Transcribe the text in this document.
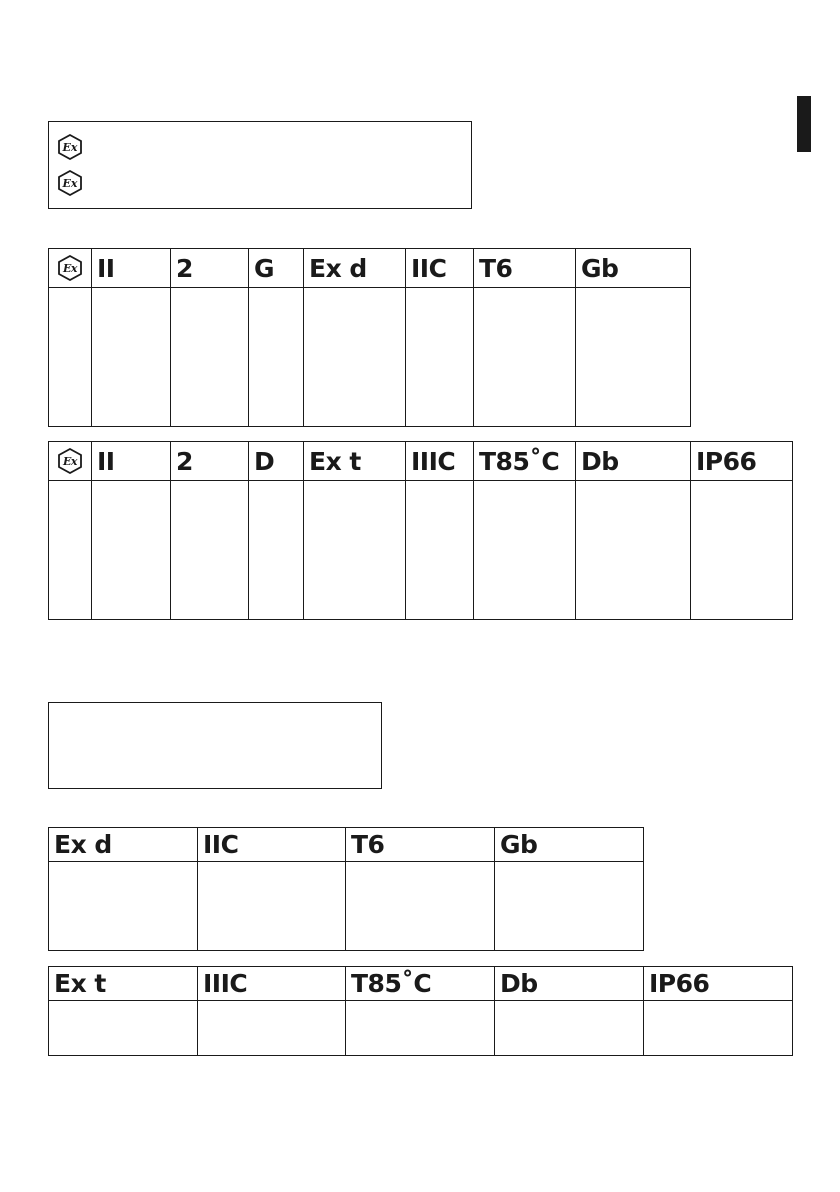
Ex
Ex
Ex	II	2	G	Ex d	IIC	T6	Gb

Ex	II	2	D	Ex t	IIIC	T85˚C	Db	IP66

Ex d	IIC	T6	Gb

Ex t	IIIC	T85˚C	Db	IP66
